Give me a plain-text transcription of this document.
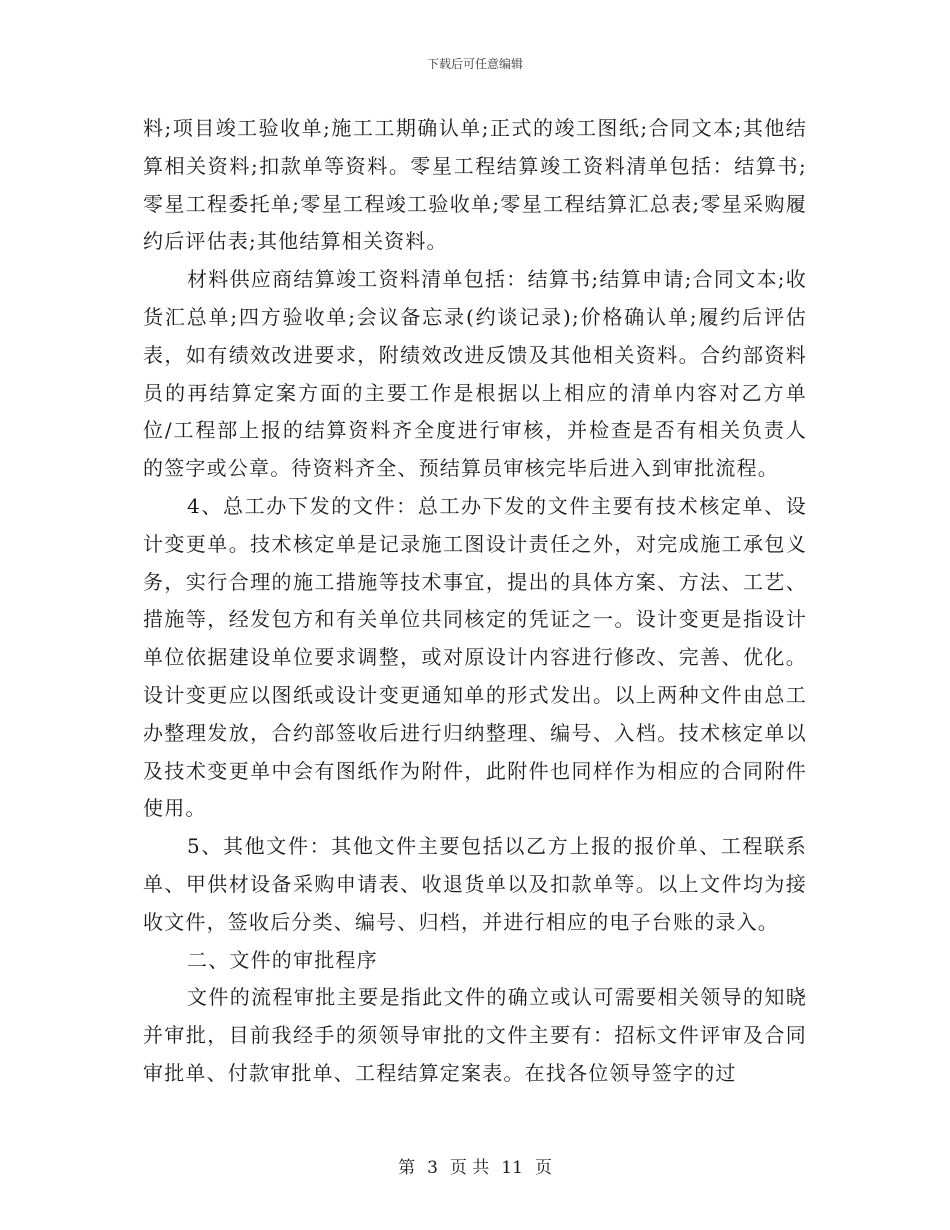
下载后可任意编辑

料;项目竣工验收单;施工工期确认单;正式的竣工图纸;合同文本;其他结算相关资料;扣款单等资料。零星工程结算竣工资料清单包括：结算书;零星工程委托单;零星工程竣工验收单;零星工程结算汇总表;零星采购履约后评估表;其他结算相关资料。

材料供应商结算竣工资料清单包括：结算书;结算申请;合同文本;收货汇总单;四方验收单;会议备忘录(约谈记录);价格确认单;履约后评估表，如有绩效改进要求，附绩效改进反馈及其他相关资料。合约部资料员的再结算定案方面的主要工作是根据以上相应的清单内容对乙方单位/工程部上报的结算资料齐全度进行审核，并检查是否有相关负责人的签字或公章。待资料齐全、预结算员审核完毕后进入到审批流程。

4、总工办下发的文件：总工办下发的文件主要有技术核定单、设计变更单。技术核定单是记录施工图设计责任之外，对完成施工承包义务，实行合理的施工措施等技术事宜，提出的具体方案、方法、工艺、措施等，经发包方和有关单位共同核定的凭证之一。设计变更是指设计单位依据建设单位要求调整，或对原设计内容进行修改、完善、优化。设计变更应以图纸或设计变更通知单的形式发出。以上两种文件由总工办整理发放，合约部签收后进行归纳整理、编号、入档。技术核定单以及技术变更单中会有图纸作为附件，此附件也同样作为相应的合同附件使用。

5、其他文件：其他文件主要包括以乙方上报的报价单、工程联系单、甲供材设备采购申请表、收退货单以及扣款单等。以上文件均为接收文件，签收后分类、编号、归档，并进行相应的电子台账的录入。

二、文件的审批程序

文件的流程审批主要是指此文件的确立或认可需要相关领导的知晓并审批，目前我经手的须领导审批的文件主要有：招标文件评审及合同审批单、付款审批单、工程结算定案表。在找各位领导签字的过

第 3 页 共 11 页
